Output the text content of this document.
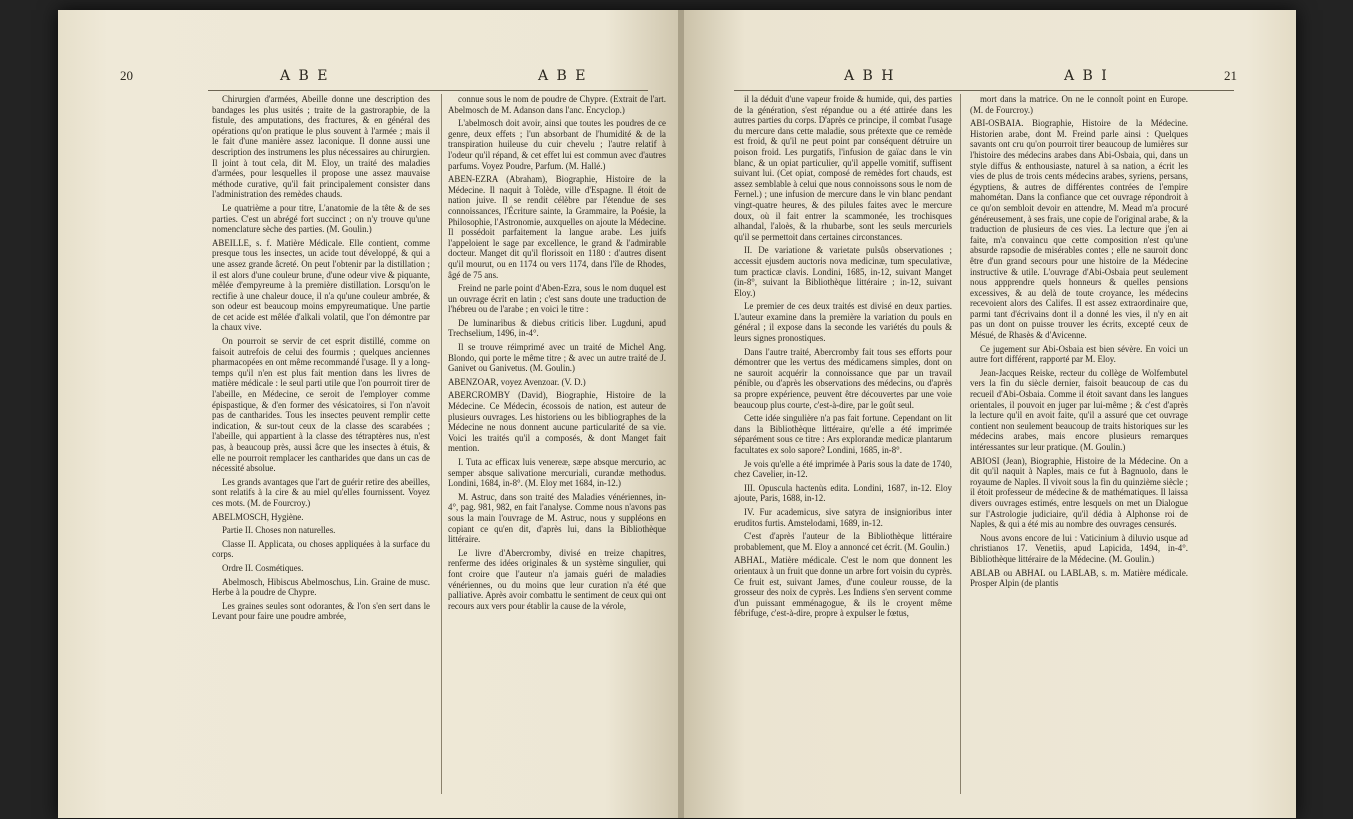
20	A B E	A B E

Chirurgien d'armées, Abeille donne une description des bandages les plus usités ; traite de la gastrorapbie, de la fistule, des amputations, des fractures, & en général des opérations qu'on pratique le plus souvent à l'armée ; mais il le fait d'une manière assez laconique. Il donne aussi une description des instrumens les plus nécessaires au chirurgien. Il joint à tout cela, dit M. Eloy, un traité des maladies d'armées, pour lesquelles il propose une assez mauvaise méthode curative, qu'il fait principalement consister dans l'administration des remèdes chauds.

Le quatrième a pour titre, L'anatomie de la tête & de ses parties. C'est un abrégé fort succinct ; on n'y trouve qu'une nomenclature sèche des parties. (M. Goulin.)

ABEILLE, s. f. Matière Médicale. Elle contient, comme presque tous les insectes, un acide tout développé, & qui a une assez grande âcreté. On peut l'obtenir par la distillation ; il est alors d'une couleur brune, d'une odeur vive & piquante, mêlée d'empyreume à la première distillation. Lorsqu'on le rectifie à une chaleur douce, il n'a qu'une couleur ambrée, & son odeur est beaucoup moins empyreumatique. Une partie de cet acide est mêlée d'alkali volatil, que l'on démontre par la chaux vive.

On pourroit se servir de cet esprit distillé, comme on faisoit autrefois de celui des fourmis ; quelques anciennes pharmacopées en ont même recommandé l'usage. Il y a long-temps qu'il n'en est plus fait mention dans les livres de matière médicale : le seul parti utile que l'on pourroit tirer de l'abeille, en Médecine, ce seroit de l'employer comme épispastique, & d'en former des vésicatoires, si l'on n'avoit pas de cantharides. Tous les insectes peuvent remplir cette indication, & sur-tout ceux de la classe des scarabées ; l'abeille, qui appartient à la classe des tétraptères nus, n'est pas, à beaucoup près, aussi âcre que les insectes à étuis, & elle ne pourroit remplacer les cantharides que dans un cas de nécessité absolue.

Les grands avantages que l'art de guérir retire des abeilles, sont relatifs à la cire & au miel qu'elles fournissent. Voyez ces mots. (M. de Fourcroy.)

ABELMOSCH, Hygiène.

Partie II. Choses non naturelles.

Classe II. Applicata, ou choses appliquées à la surface du corps.

Ordre II. Cosmétiques.

Abelmosch, Hibiscus Abelmoschus, Lin. Graine de musc. Herbe à la poudre de Chypre.

Les graines seules sont odorantes, & l'on s'en sert dans le Levant pour faire une poudre ambrée,

connue sous le nom de poudre de Chypre. (Extrait de l'art. Abelmosch de M. Adanson dans l'anc. Encyclop.)

L'abelmosch doit avoir, ainsi que toutes les poudres de ce genre, deux effets ; l'un absorbant de l'humidité & de la transpiration huileuse du cuir chevelu ; l'autre relatif à l'odeur qu'il répand, & cet effet lui est commun avec d'autres parfums. Voyez Poudre, Parfum. (M. Hallé.)

ABEN-EZRA (Abraham), Biographie, Histoire de la Médecine. Il naquit à Tolède, ville d'Espagne. Il étoit de nation juive. Il se rendit célèbre par l'étendue de ses connoissances, l'Écriture sainte, la Grammaire, la Poésie, la Philosophie, l'Astronomie, auxquelles on ajoute la Médecine. Il possédoit parfaitement la langue arabe. Les juifs l'appeloient le sage par excellence, le grand & l'admirable docteur. Manget dit qu'il florissoit en 1180 : d'autres disent qu'il mourut, ou en 1174 ou vers 1174, dans l'île de Rhodes, âgé de 75 ans.

Freind ne parle point d'Aben-Ezra, sous le nom duquel est un ouvrage écrit en latin ; c'est sans doute une traduction de l'hébreu ou de l'arabe ; en voici le titre :

De luminaribus & diebus criticis liber. Lugduni, apud Trechselium, 1496, in-4°.

Il se trouve réimprimé avec un traité de Michel Ang. Blondo, qui porte le même titre ; & avec un autre traité de J. Ganivet ou Ganivetus. (M. Goulin.)

ABENZOAR, voyez Avenzoar. (V. D.)

ABERCROMBY (David), Biographie, Histoire de la Médecine. Ce Médecin, écossois de nation, est auteur de plusieurs ouvrages. Les historiens ou les bibliographes de la Médecine ne nous donnent aucune particularité de sa vie. Voici les traités qu'il a composés, & dont Manget fait mention.

I. Tuta ac efficax luis venereæ, sæpe absque mercurio, ac semper absque salivatione mercuriali, curandæ methodus. Londini, 1684, in-8°. (M. Eloy met 1684, in-12.)

M. Astruc, dans son traité des Maladies vénériennes, in-4°, pag. 981, 982, en fait l'analyse. Comme nous n'avons pas sous la main l'ouvrage de M. Astruc, nous y suppléons en copiant ce qu'en dit, d'après lui, dans la Bibliothèque littéraire.

Le livre d'Abercromby, divisé en treize chapitres, renferme des idées originales & un système singulier, qui font croire que l'auteur n'a jamais guéri de maladies vénériennes, ou du moins que leur curation n'a été que palliative. Après avoir combattu le sentiment de ceux qui ont recours aux vers pour établir la cause de la vérole,

A B H	A B I	21

il la déduit d'une vapeur froide & humide, qui, des parties de la génération, s'est répandue ou a été attirée dans les autres parties du corps. D'après ce principe, il combat l'usage du mercure dans cette maladie, sous prétexte que ce remède est froid, & qu'il ne peut point par conséquent détruire un poison froid. Les purgatifs, l'infusion de gaïac dans le vin blanc, & un opiat particulier, qu'il appelle vomitif, suffisent suivant lui. (Cet opiat, composé de remèdes fort chauds, est assez semblable à celui que nous connoissons sous le nom de Fernel.) ; une infusion de mercure dans le vin blanc pendant vingt-quatre heures, & des pilules faites avec le mercure doux, où il fait entrer la scammonée, les trochisques alhandal, l'aloès, & la rhubarbe, sont les seuls mercuriels qu'il se permettoit dans certaines circonstances.

II. De variatione & varietate pulsûs observationes ; accessit ejusdem auctoris nova medicinæ, tum speculativæ, tum practicæ clavis. Londini, 1685, in-12, suivant Manget (in-8°, suivant la Bibliothèque littéraire ; in-12, suivant Eloy.)

Le premier de ces deux traités est divisé en deux parties. L'auteur examine dans la première la variation du pouls en général ; il expose dans la seconde les variétés du pouls & leurs signes pronostiques.

Dans l'autre traité, Abercromby fait tous ses efforts pour démontrer que les vertus des médicamens simples, dont on ne sauroit acquérir la connoissance que par un travail pénible, ou d'après les observations des médecins, ou d'après sa propre expérience, peuvent être découvertes par une voie beaucoup plus courte, c'est-à-dire, par le goût seul.

Cette idée singulière n'a pas fait fortune. Cependant on lit dans la Bibliothèque littéraire, qu'elle a été imprimée séparément sous ce titre : Ars explorandæ medicæ plantarum facultates ex solo sapore? Londini, 1685, in-8°.

Je vois qu'elle a été imprimée à Paris sous la date de 1740, chez Cavelier, in-12.

III. Opuscula hactenùs edita. Londini, 1687, in-12. Eloy ajoute, Paris, 1688, in-12.

IV. Fur academicus, sive satyra de insignioribus inter eruditos furtis. Amstelodami, 1689, in-12.

C'est d'après l'auteur de la Bibliothèque littéraire probablement, que M. Eloy a annoncé cet écrit. (M. Goulin.)

ABHAL, Matière médicale. C'est le nom que donnent les orientaux à un fruit que donne un arbre fort voisin du cyprès. Ce fruit est, suivant James, d'une couleur rousse, de la grosseur des noix de cyprès. Les Indiens s'en servent comme d'un puissant emménagogue, & ils le croyent même fébrifuge, c'est-à-dire, propre à expulser le fœtus,

mort dans la matrice. On ne le connoît point en Europe. (M. de Fourcroy.)

ABI-OSBAIA. Biographie, Histoire de la Médecine. Historien arabe, dont M. Freind parle ainsi : Quelques savants ont cru qu'on pourroit tirer beaucoup de lumières sur l'histoire des médecins arabes dans Abi-Osbaia, qui, dans un style diffus & enthousiaste, naturel à sa nation, a écrit les vies de plus de trois cents médecins arabes, syriens, persans, égyptiens, & autres de différentes contrées de l'empire mahométan. Dans la confiance que cet ouvrage répondroit à ce qu'on sembloit devoir en attendre, M. Mead m'a procuré généreusement, à ses frais, une copie de l'original arabe, & la traduction de plusieurs de ces vies. La lecture que j'en ai faite, m'a convaincu que cette composition n'est qu'une absurde rapsodie de misérables contes ; elle ne sauroit donc être d'un grand secours pour une histoire de la Médecine instructive & utile. L'ouvrage d'Abi-Osbaia peut seulement nous appprendre quels honneurs & quelles pensions excessives, & au delà de toute croyance, les médecins recevoient alors des Califes. Il est assez extraordinaire que, parmi tant d'écrivains dont il a donné les vies, il n'y en ait pas un dont on puisse trouver les écrits, excepté ceux de Mésué, de Rhasès & d'Avicenne.

Ce jugement sur Abi-Osbaia est bien sévère. En voici un autre fort différent, rapporté par M. Eloy.

Jean-Jacques Reiske, recteur du collège de Wolfembutel vers la fin du siècle dernier, faisoit beaucoup de cas du recueil d'Abi-Osbaia. Comme il étoit savant dans les langues orientales, il pouvoit en juger par lui-même ; & c'est d'après la lecture qu'il en avoit faite, qu'il a assuré que cet ouvrage contient non seulement beaucoup de traits historiques sur les médecins arabes, mais encore plusieurs remarques intéressantes sur leur pratique. (M. Goulin.)

ABIOSI (Jean), Biographie, Histoire de la Médecine. On a dit qu'il naquit à Naples, mais ce fut à Bagnuolo, dans le royaume de Naples. Il vivoit sous la fin du quinzième siècle ; il étoit professeur de médecine & de mathématiques. Il laissa divers ouvrages estimés, entre lesquels on met un Dialogue sur l'Astrologie judiciaire, qu'il dédia à Alphonse roi de Naples, & qui a été mis au nombre des ouvrages censurés.

Nous avons encore de lui : Vaticinium à diluvio usque ad christianos 17. Venetiis, apud Lapicida, 1494, in-4°. Bibliothèque littéraire de la Médecine. (M. Goulin.)

ABLAB ou ABHAL ou LABLAB, s. m. Matière médicale. Prosper Alpin (de plantis
